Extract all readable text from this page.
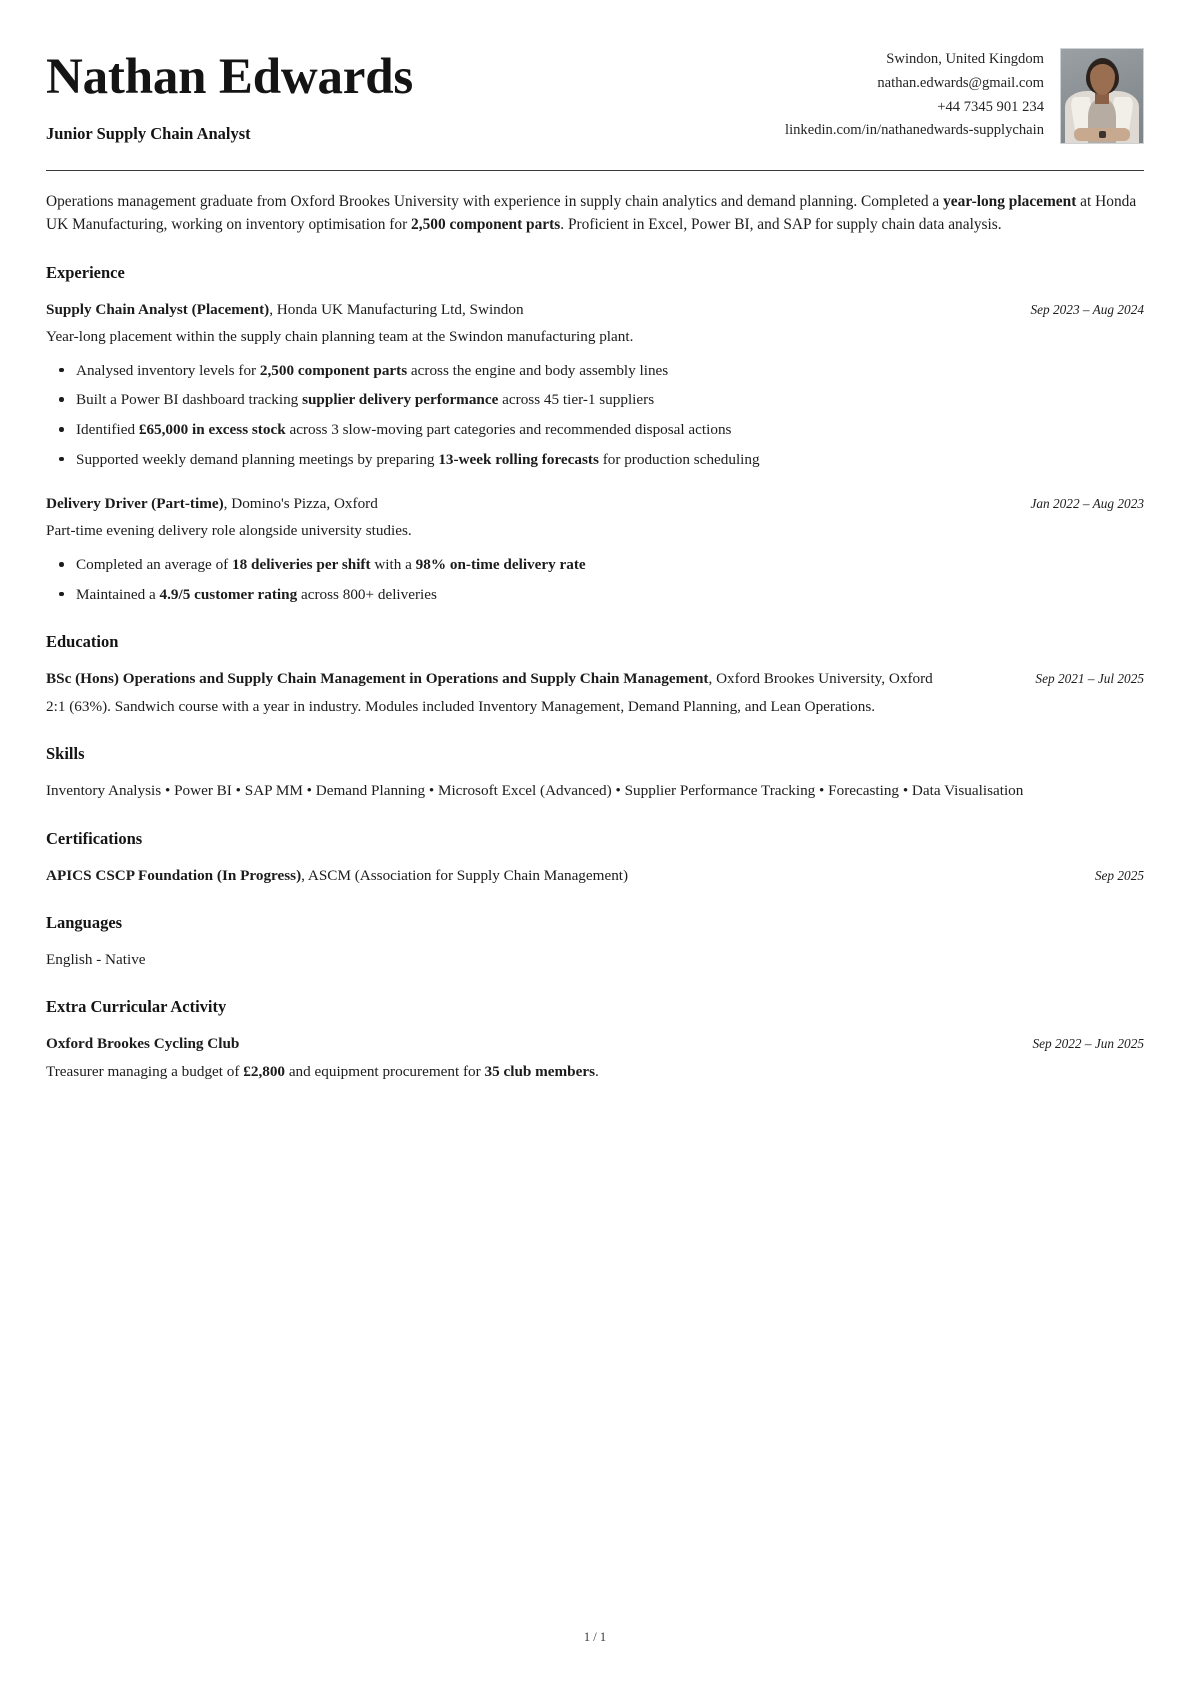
Nathan Edwards
Junior Supply Chain Analyst
Swindon, United Kingdom
nathan.edwards@gmail.com
+44 7345 901 234
linkedin.com/in/nathanedwards-supplychain
Operations management graduate from Oxford Brookes University with experience in supply chain analytics and demand planning. Completed a year-long placement at Honda UK Manufacturing, working on inventory optimisation for 2,500 component parts. Proficient in Excel, Power BI, and SAP for supply chain data analysis.
Experience
Supply Chain Analyst (Placement), Honda UK Manufacturing Ltd, Swindon	Sep 2023 – Aug 2024
Year-long placement within the supply chain planning team at the Swindon manufacturing plant.
Analysed inventory levels for 2,500 component parts across the engine and body assembly lines
Built a Power BI dashboard tracking supplier delivery performance across 45 tier-1 suppliers
Identified £65,000 in excess stock across 3 slow-moving part categories and recommended disposal actions
Supported weekly demand planning meetings by preparing 13-week rolling forecasts for production scheduling
Delivery Driver (Part-time), Domino's Pizza, Oxford	Jan 2022 – Aug 2023
Part-time evening delivery role alongside university studies.
Completed an average of 18 deliveries per shift with a 98% on-time delivery rate
Maintained a 4.9/5 customer rating across 800+ deliveries
Education
BSc (Hons) Operations and Supply Chain Management in Operations and Supply Chain Management, Oxford Brookes University, Oxford	Sep 2021 – Jul 2025
2:1 (63%). Sandwich course with a year in industry. Modules included Inventory Management, Demand Planning, and Lean Operations.
Skills
Inventory Analysis • Power BI • SAP MM • Demand Planning • Microsoft Excel (Advanced) • Supplier Performance Tracking • Forecasting • Data Visualisation
Certifications
APICS CSCP Foundation (In Progress), ASCM (Association for Supply Chain Management)	Sep 2025
Languages
English - Native
Extra Curricular Activity
Oxford Brookes Cycling Club	Sep 2022 – Jun 2025
Treasurer managing a budget of £2,800 and equipment procurement for 35 club members.
1 / 1
